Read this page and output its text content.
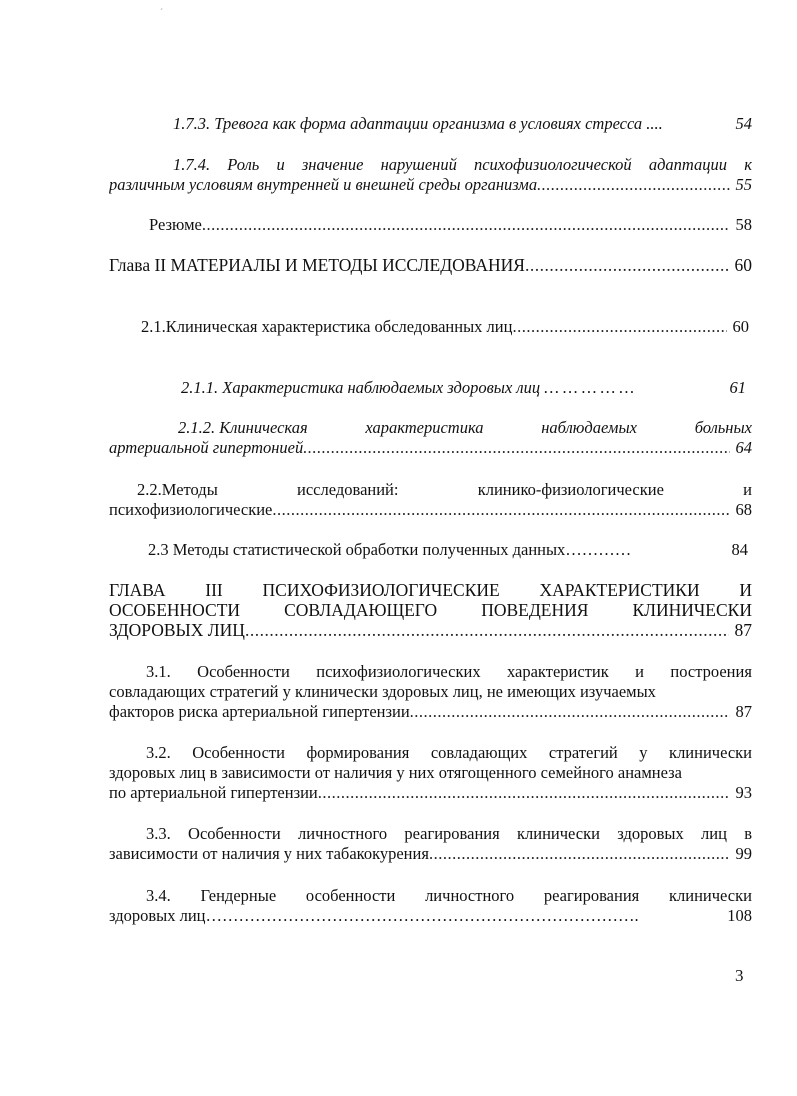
´
1.7.3. Тревога как форма адаптации организма в условиях стресса ....	54
1.7.4. Роль и значение нарушений психофизиологической адаптации к
различным условиям внутренней и внешней среды организма .....	55
Резюме .....	58
Глава II МАТЕРИАЛЫ И МЕТОДЫ ИССЛЕДОВАНИЯ .....	60
2.1.Клиническая характеристика обследованных лиц .....	60
2.1.1. Характеристика наблюдаемых здоровых лиц … … … … …	61
2.1.2. Клиническая	характеристика	наблюдаемых	больных
артериальной гипертонией .....	64
2.2.Методы	исследований:	клинико-физиологические	и
психофизиологические .....	68
2.3 Методы статистической обработки полученных данных…………	84
ГЛАВА III ПСИХОФИЗИОЛОГИЧЕСКИЕ ХАРАКТЕРИСТИКИ И
ОСОБЕННОСТИ	СОВЛАДАЮЩЕГО	ПОВЕДЕНИЯ	КЛИНИЧЕСКИ
ЗДОРОВЫХ ЛИЦ .....	87
3.1. Особенности психофизиологических характеристик и построения
совладающих стратегий у клинически здоровых лиц, не имеющих изучаемых
факторов риска артериальной гипертензии .....	87
3.2. Особенности формирования совладающих стратегий у клинически
здоровых лиц в зависимости от наличия у них отягощенного семейного анамнеза
по артериальной гипертензии .....	93
3.3. Особенности личностного реагирования клинически здоровых лиц в
зависимости от наличия у них табакокурения .....	99
3.4. Гендерные особенности личностного реагирования клинически
здоровых лиц…………………………………………………………………….	108
3
